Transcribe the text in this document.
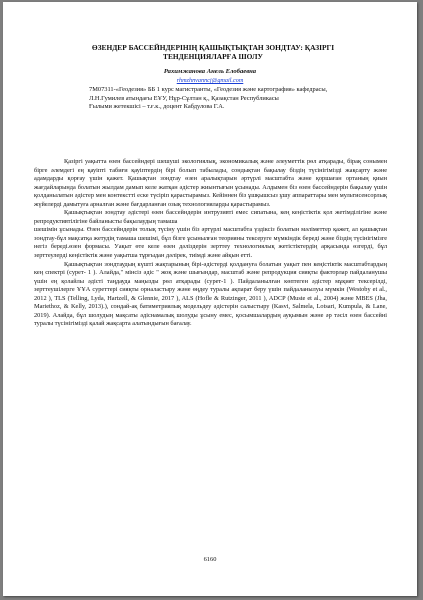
ӨЗЕНДЕР БАССЕЙНДЕРІНІҢ ҚАШЫҚТЫҚТАН ЗОНДТАУ: ҚАЗІРГІ ТЕНДЕНЦИЯЛАРҒА ШОЛУ
Рахимжанова Анель Елобаевна
rhmzhnvanncj@gmail.com
7М07311-«Геодезия» ББ 1 курс магистранты, «Геодезия және картография» кафедрасы,
Л.Н.Гумилев атындағы ЕҰУ, Нұр-Сұлтан қ., Қазақстан Республикасы
Ғылыми жетекшісі – т.ғ.к., доцент Кабдулова Г.А.

Қазіргі уақытта өзен бассейндері шешуші экологиялық, экономикалық және әлеуметтік рөл атқарады, бірақ сонымен бірге әлемдегі ең қауіпті табиғи қауіптердің бірі болып табылады, сондықтан бақылау біздің түсінігімізді жақсарту және адамдарды қорғау үшін қажет. Қашықтан зондтау өзен аралықтарын әртүрлі масштабта және қоршаған ортаның қиын жағдайларында болатын жылдам дамып келе жатқан әдістер жиынтығын ұсынады. Алдымен біз өзен бассейндерін бақылау үшін қолданылатын әдістер мен контекстті еске түсіріп қарастырамыз. Кейіннен біз ұшқышсыз ұшу аппараттары мен мультисенсорлық жүйелерді дамытуға арналған және бағдарланған озық технологияларды қарастырамыз.

Қашықтықтан зондтау әдістері өзен бассейндерін интрузивті емес сипатына, кең кеңістіктік қол жетімділігіне және репродуктивтілігіне байланысты бақылаудың тамаша

шешімін ұсынады. Өзен бассейндерін толық түсіну үшін біз әртүрлі масштабта үздіксіз болатын мәліметтер қажет, ал қашықтан зондтау-бұл мақсатқа жетудің тамаша шешімі, бұл бізге ұсынылған теорияны тексеруге мүмкіндік береді және біздің түсінігімізге негіз береді.өзен формасы. Уақыт өте келе өзен дәліздерін зерттеу технологиялық жетістіктердің арқасында өзгерді, бұл зерттеулерді кеңістіктік және уақытша тұрғыдан дәлірек, тиімді және айқын етті.

Қашықтықтан зондтаудың күшті жақтарының бірі-әдістерді қолдануға болатын уақыт пен кеңістіктік масштабтардың кең спектрі (сурет- 1 ). Алайда," мінсіз әдіс " жоқ және шығындар, масштаб және репродукция сияқты факторлар пайдаланушы үшін ең қолайлы әдісті таңдауда маңызды рөл атқарады (сурет-1 ). Пайдаланылған көптеген әдістер мұқият тексерілді, зерттеушілерге ҰҰА суреттері сияқты орналастыру және өңдеу туралы ақпарат беру үшін пайдаланылуы мүмкін (Westoby et al., 2012 ), TLS (Telling, Lyda, Hartzell, & Glennie, 2017 ), ALS (Hofle & Rutzinger, 2011 ), ADCP (Muste et al., 2004) және MBES (Jha, Mariethoz, & Kelly, 2013).), сондай-ақ батиметриялық модельдеу әдістерін салыстыру (Kasvi, Salmela, Lotsari, Kumpula, & Lane, 2019). Алайда, бұл шолудың мақсаты әдіснамалық шолуды ұсыну емес, қосымшалардың ауқымын және әр тәсіл өзен бассейні туралы түсінігімізді қалай жақсарта алатындығын бағалау.

6160
